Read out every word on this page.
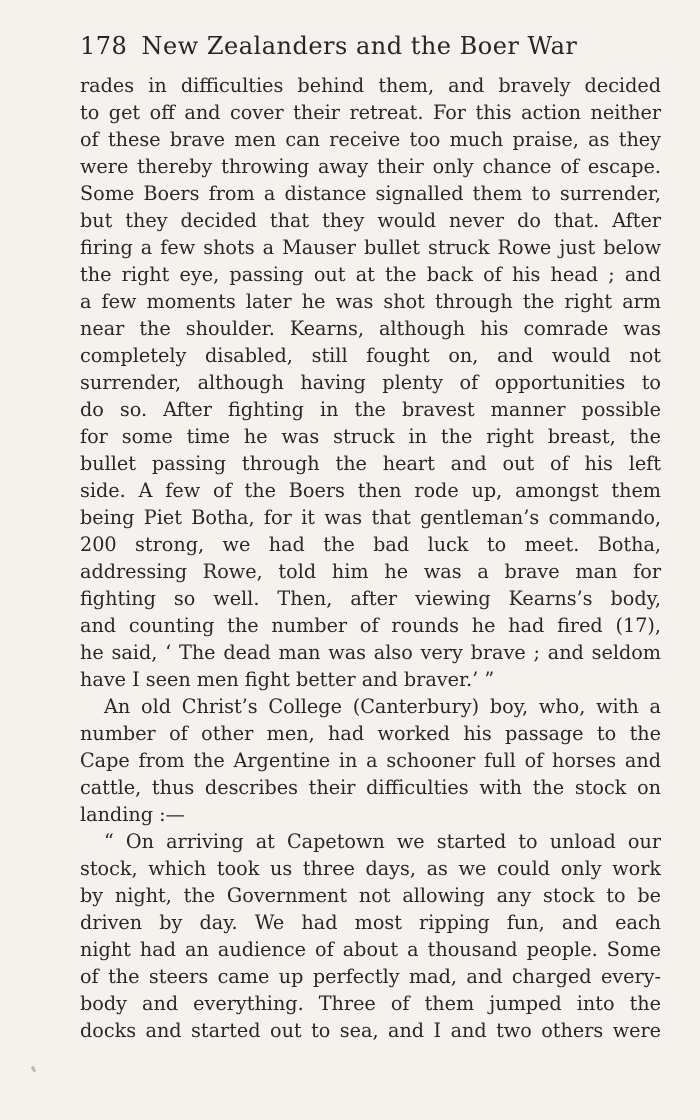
178 New Zealanders and the Boer War
rades in difficulties behind them, and bravely decided
to get off and cover their retreat. For this action neither
of these brave men can receive too much praise, as they
were thereby throwing away their only chance of escape.
Some Boers from a distance signalled them to surrender,
but they decided that they would never do that. After
firing a few shots a Mauser bullet struck Rowe just below
the right eye, passing out at the back of his head ; and
a few moments later he was shot through the right arm
near the shoulder. Kearns, although his comrade was
completely disabled, still fought on, and would not
surrender, although having plenty of opportunities to
do so. After fighting in the bravest manner possible
for some time he was struck in the right breast, the
bullet passing through the heart and out of his left
side. A few of the Boers then rode up, amongst them
being Piet Botha, for it was that gentleman’s commando,
200 strong, we had the bad luck to meet. Botha,
addressing Rowe, told him he was a brave man for
fighting so well. Then, after viewing Kearns’s body,
and counting the number of rounds he had fired (17),
he said, ‘ The dead man was also very brave ; and seldom
have I seen men fight better and braver.’ ”
An old Christ’s College (Canterbury) boy, who, with a
number of other men, had worked his passage to the
Cape from the Argentine in a schooner full of horses and
cattle, thus describes their difficulties with the stock on
landing :—
“ On arriving at Capetown we started to unload our
stock, which took us three days, as we could only work
by night, the Government not allowing any stock to be
driven by day. We had most ripping fun, and each
night had an audience of about a thousand people. Some
of the steers came up perfectly mad, and charged every-
body and everything. Three of them jumped into the
docks and started out to sea, and I and two others were
